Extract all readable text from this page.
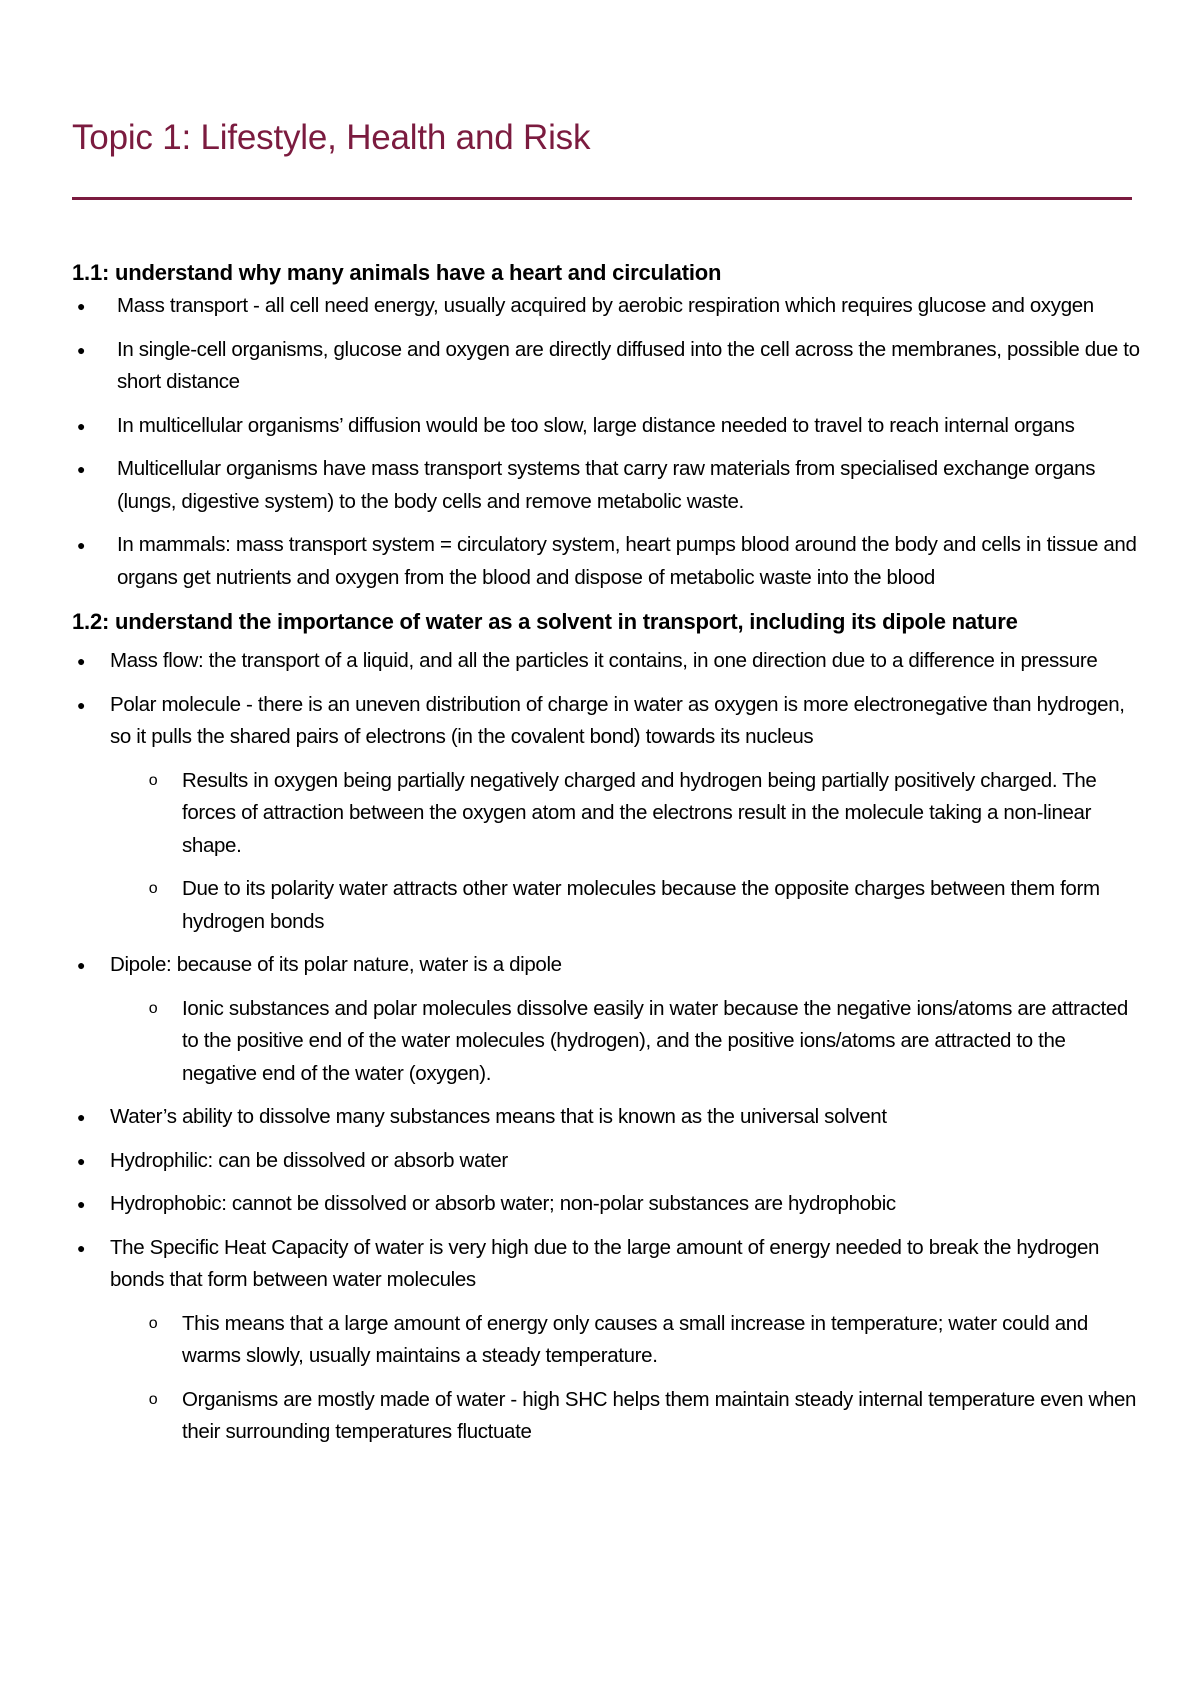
Topic 1: Lifestyle, Health and Risk
1.1: understand why many animals have a heart and circulation
● Mass transport - all cell need energy, usually acquired by aerobic respiration which requires glucose and oxygen
● In single-cell organisms, glucose and oxygen are directly diffused into the cell across the membranes, possible due to short distance
● In multicellular organisms’ diffusion would be too slow, large distance needed to travel to reach internal organs
● Multicellular organisms have mass transport systems that carry raw materials from specialised exchange organs (lungs, digestive system) to the body cells and remove metabolic waste.
● In mammals: mass transport system = circulatory system, heart pumps blood around the body and cells in tissue and organs get nutrients and oxygen from the blood and dispose of metabolic waste into the blood
1.2: understand the importance of water as a solvent in transport, including its dipole nature
● Mass flow: the transport of a liquid, and all the particles it contains, in one direction due to a difference in pressure
● Polar molecule - there is an uneven distribution of charge in water as oxygen is more electronegative than hydrogen, so it pulls the shared pairs of electrons (in the covalent bond) towards its nucleus
o Results in oxygen being partially negatively charged and hydrogen being partially positively charged. The forces of attraction between the oxygen atom and the electrons result in the molecule taking a non-linear shape.
o Due to its polarity water attracts other water molecules because the opposite charges between them form hydrogen bonds
● Dipole: because of its polar nature, water is a dipole
o Ionic substances and polar molecules dissolve easily in water because the negative ions/atoms are attracted to the positive end of the water molecules (hydrogen), and the positive ions/atoms are attracted to the negative end of the water (oxygen).
● Water’s ability to dissolve many substances means that is known as the universal solvent
● Hydrophilic: can be dissolved or absorb water
● Hydrophobic: cannot be dissolved or absorb water; non-polar substances are hydrophobic
● The Specific Heat Capacity of water is very high due to the large amount of energy needed to break the hydrogen bonds that form between water molecules
o This means that a large amount of energy only causes a small increase in temperature; water could and warms slowly, usually maintains a steady temperature.
o Organisms are mostly made of water - high SHC helps them maintain steady internal temperature even when their surrounding temperatures fluctuate
